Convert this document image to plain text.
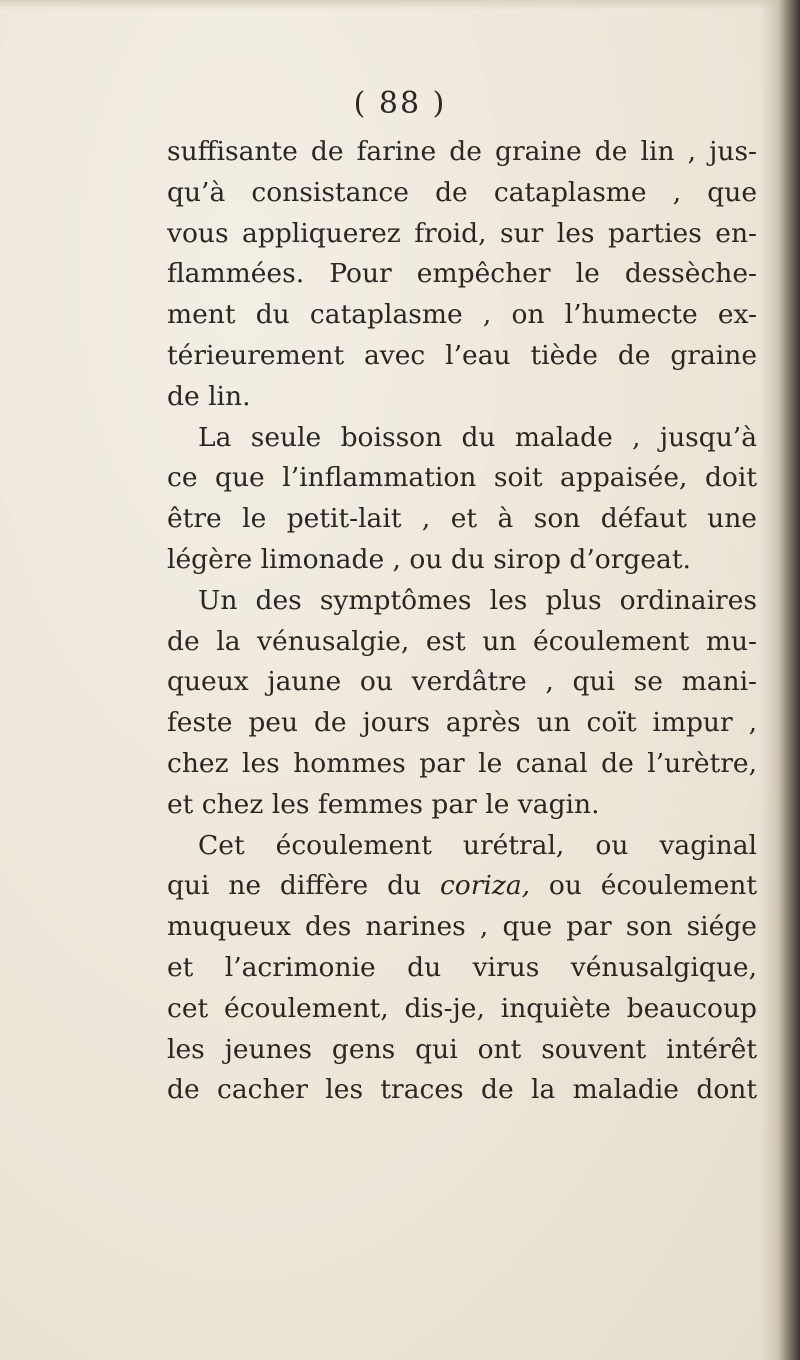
( 88 )
suffisante de farine de graine de lin , jus-
qu’à consistance de cataplasme , que
vous appliquerez froid, sur les parties en-
flammées. Pour empêcher le dessèche-
ment du cataplasme , on l’humecte ex-
térieurement avec l’eau tiède de graine
de lin.
La seule boisson du malade , jusqu’à
ce que l’inflammation soit appaisée, doit
être le petit-lait , et à son défaut une
légère limonade , ou du sirop d’orgeat.
Un des symptômes les plus ordinaires
de la vénusalgie, est un écoulement mu-
queux jaune ou verdâtre , qui se mani-
feste peu de jours après un coït impur ,
chez les hommes par le canal de l’urètre,
et chez les femmes par le vagin.
Cet écoulement urétral, ou vaginal
qui ne diffère du coriza, ou écoulement
muqueux des narines , que par son siége
et l’acrimonie du virus vénusalgique,
cet écoulement, dis-je, inquiète beaucoup
les jeunes gens qui ont souvent intérêt
de cacher les traces de la maladie dont
